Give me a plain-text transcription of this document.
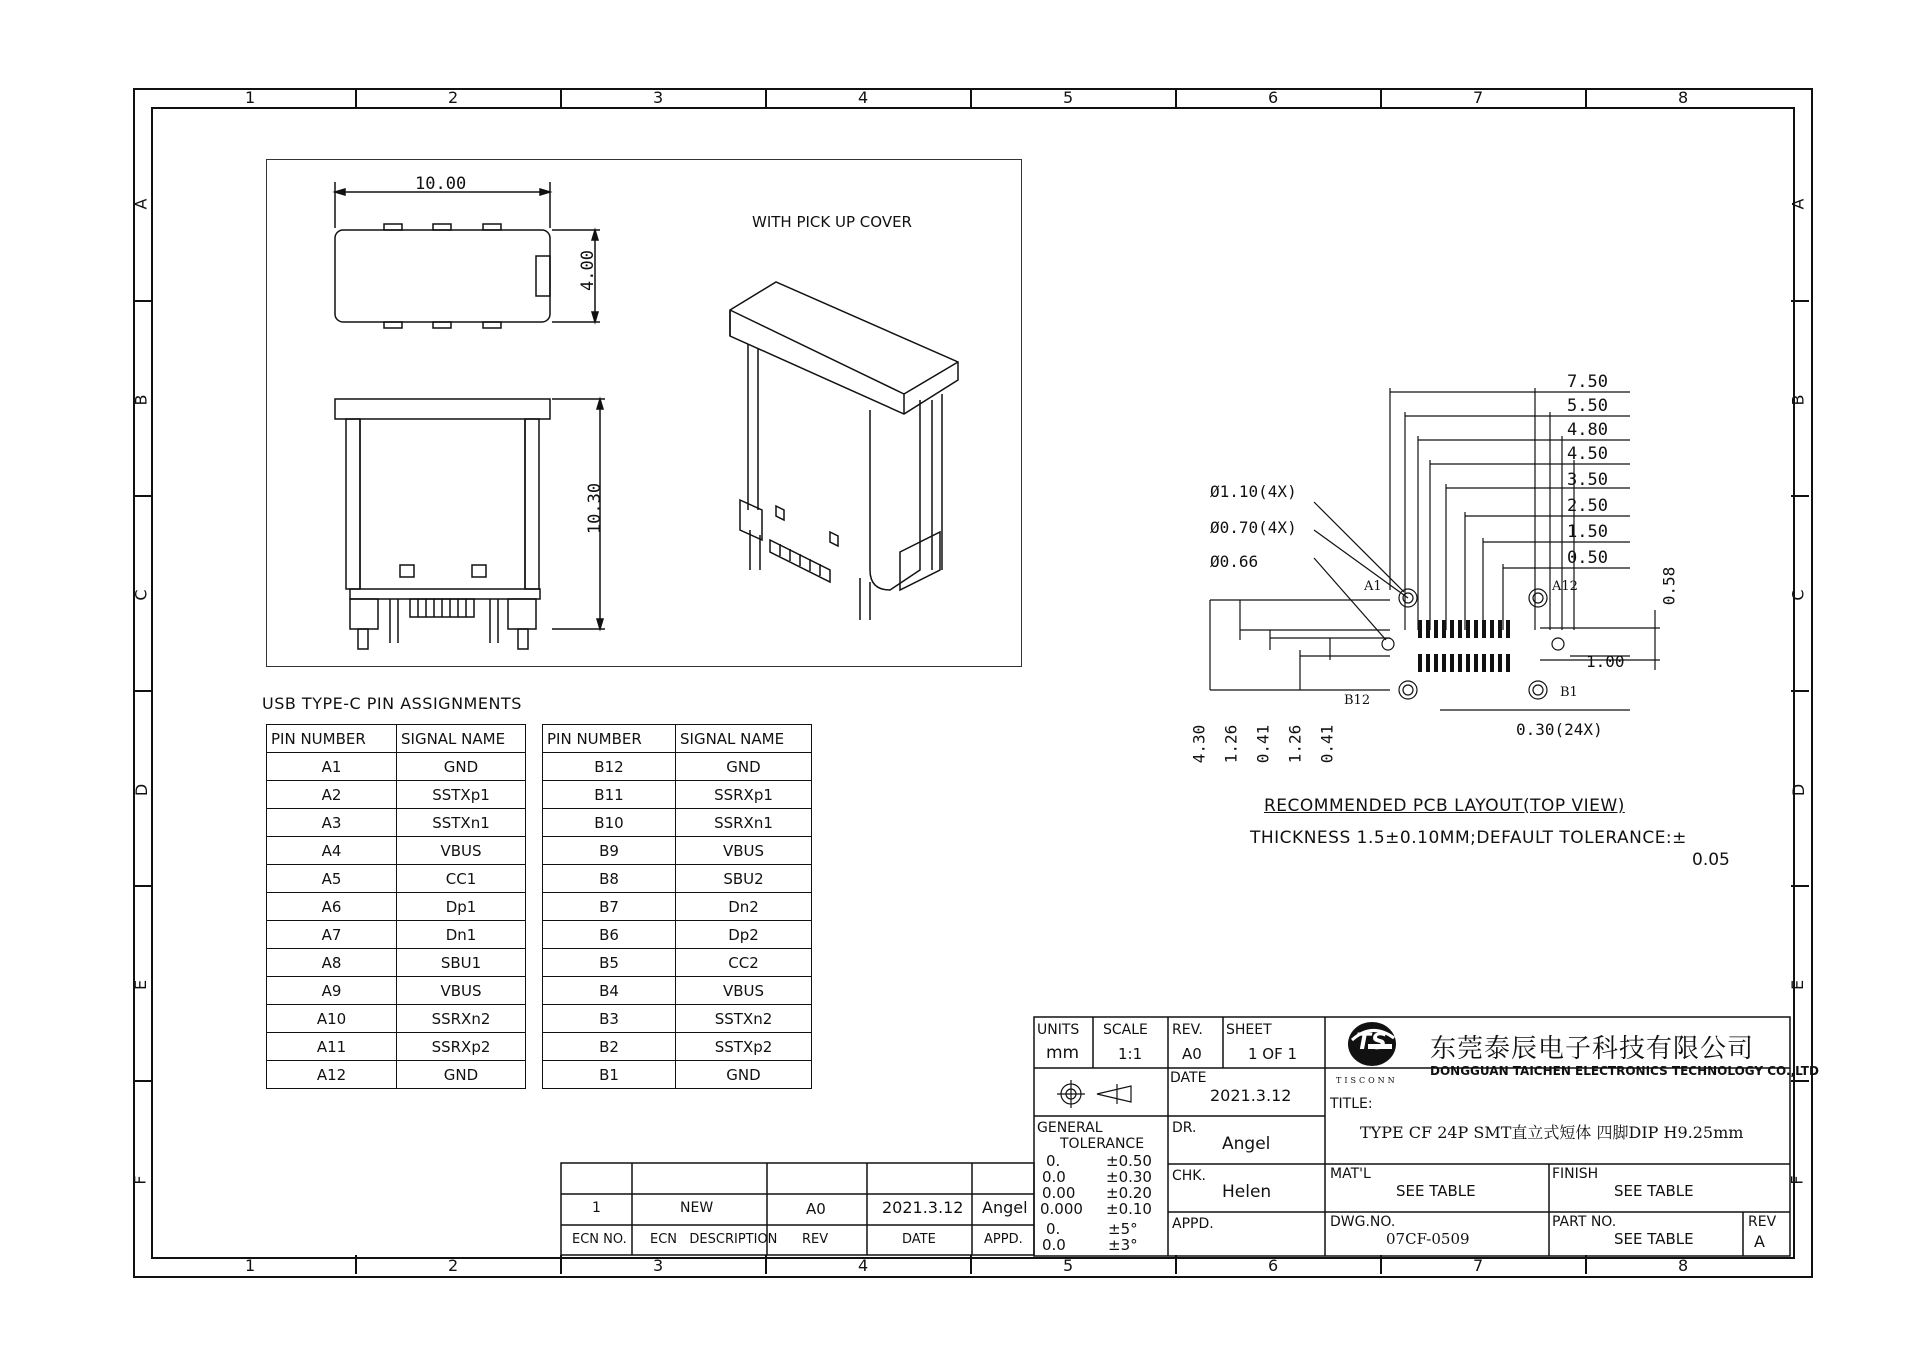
1	2	3	4	5	6	7	8
1	2	3	4	5	6	7	8
A
B
C
D
E
F
A
B
C
D
E
F
10.00
4.00
10.30
WITH PICK UP COVER
USB TYPE-C PIN ASSIGNMENTS
PIN NUMBER	SIGNAL NAME
A1	GND
A2	SSTXp1
A3	SSTXn1
A4	VBUS
A5	CC1
A6	Dp1
A7	Dn1
A8	SBU1
A9	VBUS
A10	SSRXn2
A11	SSRXp2
A12	GND
PIN NUMBER	SIGNAL NAME
B12	GND
B11	SSRXp1
B10	SSRXn1
B9	VBUS
B8	SBU2
B7	Dn2
B6	Dp2
B5	CC2
B4	VBUS
B3	SSTXn2
B2	SSTXp2
B1	GND
7.50
5.50
4.80
4.50
3.50
2.50
1.50
0.50
Ø1.10(4X)
Ø0.70(4X)
Ø0.66
0.58
1.00
0.30(24X)
4.30 1.26 0.41 1.26 0.41
A1	A12
B12
B1
RECOMMENDED PCB LAYOUT(TOP VIEW)
THICKNESS 1.5±0.10MM;DEFAULT TOLERANCE:±
0.05
1	NEW	A0	2021.3.12 Angel
ECN NO. ECN   DESCRIPTION REV	DATE	APPD.
UNITS
mm
SCALE
1:1
REV.
A0
SHEET
1 OF 1
DATE
2021.3.12
GENERAL
TOLERANCE
0.
0.0
0.00
0.000
0.
0.0
±0.50
±0.30
±0.20
±0.10
±5°
±3°
DR.
Angel
CHK.
Helen
APPD.
TS
TISCONN
东莞泰辰电子科技有限公司
DONGGUAN TAICHEN ELECTRONICS TECHNOLOGY CO.,LTD
TITLE:
TYPE CF 24P SMT直立式短体 四脚DIP H9.25mm
MAT'L
SEE TABLE
FINISH
SEE TABLE
DWG.NO.
07CF-0509
PART NO.
SEE TABLE
REV
A
